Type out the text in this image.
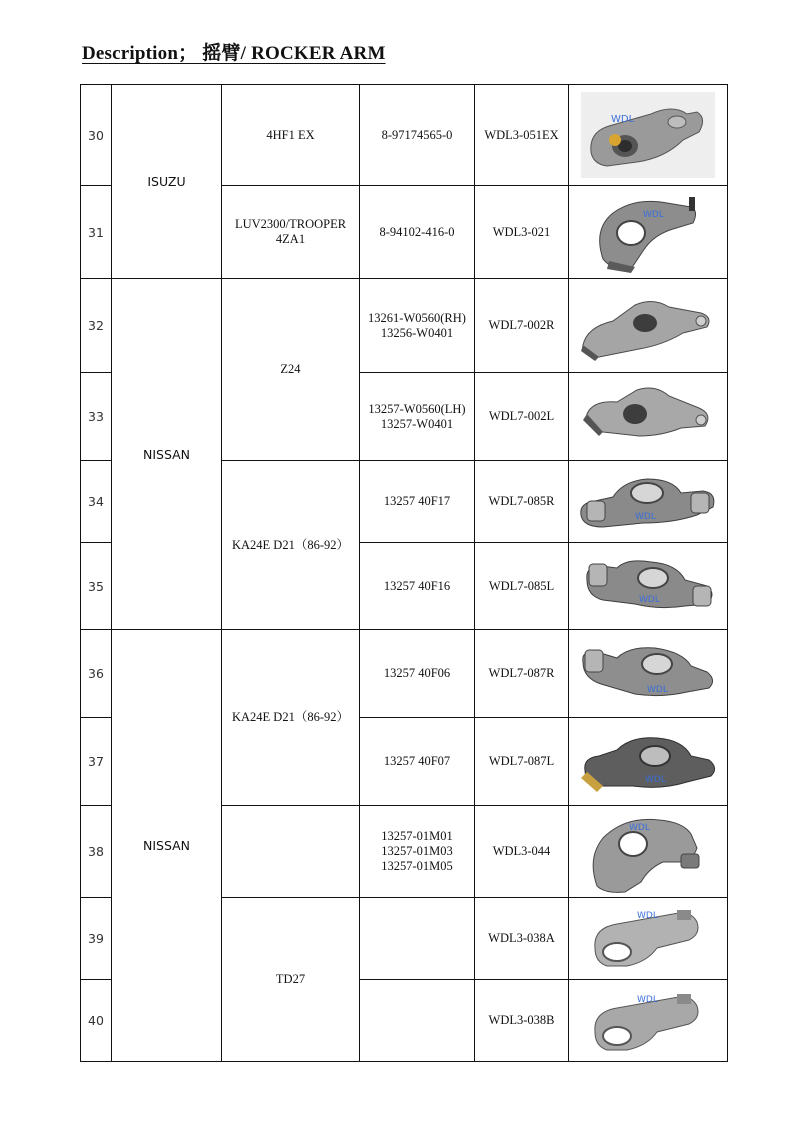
Description； 摇臂/ ROCKER ARM
30	ISUZU	4HF1 EX	8-97174565-0	WDL3-051EX	WDL

31		LUV2300/TROOPER 4ZA1	8-94102-416-0	WDL3-021	WDL

32	NISSAN	Z24	13261-W0560(RH)
13256-W0401	WDL7-002R	

33			13257-W0560(LH)
13257-W0401	WDL7-002L	

34		KA24E D21（86-92）	13257 40F17	WDL7-085R	WDL

35			13257 40F16	WDL7-085L	WDL

36	NISSAN	KA24E D21（86-92）	13257 40F06	WDL7-087R	WDL

37			13257 40F07	WDL7-087L	WDL

38			13257-01M01
13257-01M03
13257-01M05	WDL3-044	WDL

39		TD27		WDL3-038A	WDL

40				WDL3-038B	WDL
